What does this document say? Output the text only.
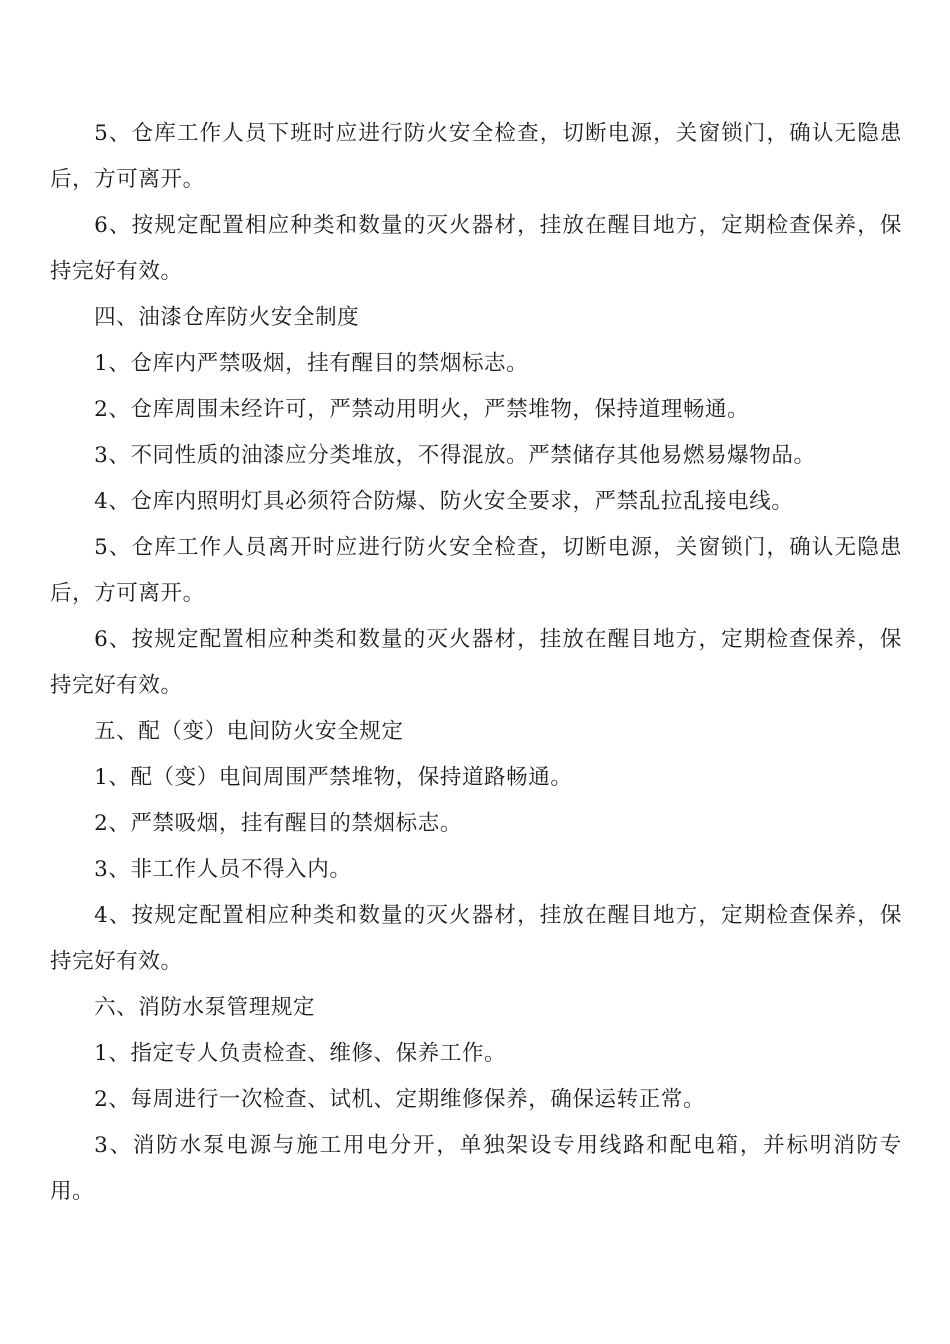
5、仓库工作人员下班时应进行防火安全检查，切断电源，关窗锁门，确认无隐患后，方可离开。

6、按规定配置相应种类和数量的灭火器材，挂放在醒目地方，定期检查保养，保持完好有效。

四、油漆仓库防火安全制度

1、仓库内严禁吸烟，挂有醒目的禁烟标志。

2、仓库周围未经许可，严禁动用明火，严禁堆物，保持道理畅通。

3、不同性质的油漆应分类堆放，不得混放。严禁储存其他易燃易爆物品。

4、仓库内照明灯具必须符合防爆、防火安全要求，严禁乱拉乱接电线。

5、仓库工作人员离开时应进行防火安全检查，切断电源，关窗锁门，确认无隐患后，方可离开。

6、按规定配置相应种类和数量的灭火器材，挂放在醒目地方，定期检查保养，保持完好有效。

五、配（变）电间防火安全规定

1、配（变）电间周围严禁堆物，保持道路畅通。

2、严禁吸烟，挂有醒目的禁烟标志。

3、非工作人员不得入内。

4、按规定配置相应种类和数量的灭火器材，挂放在醒目地方，定期检查保养，保持完好有效。

六、消防水泵管理规定

1、指定专人负责检查、维修、保养工作。

2、每周进行一次检查、试机、定期维修保养，确保运转正常。

3、消防水泵电源与施工用电分开，单独架设专用线路和配电箱，并标明消防专用。
